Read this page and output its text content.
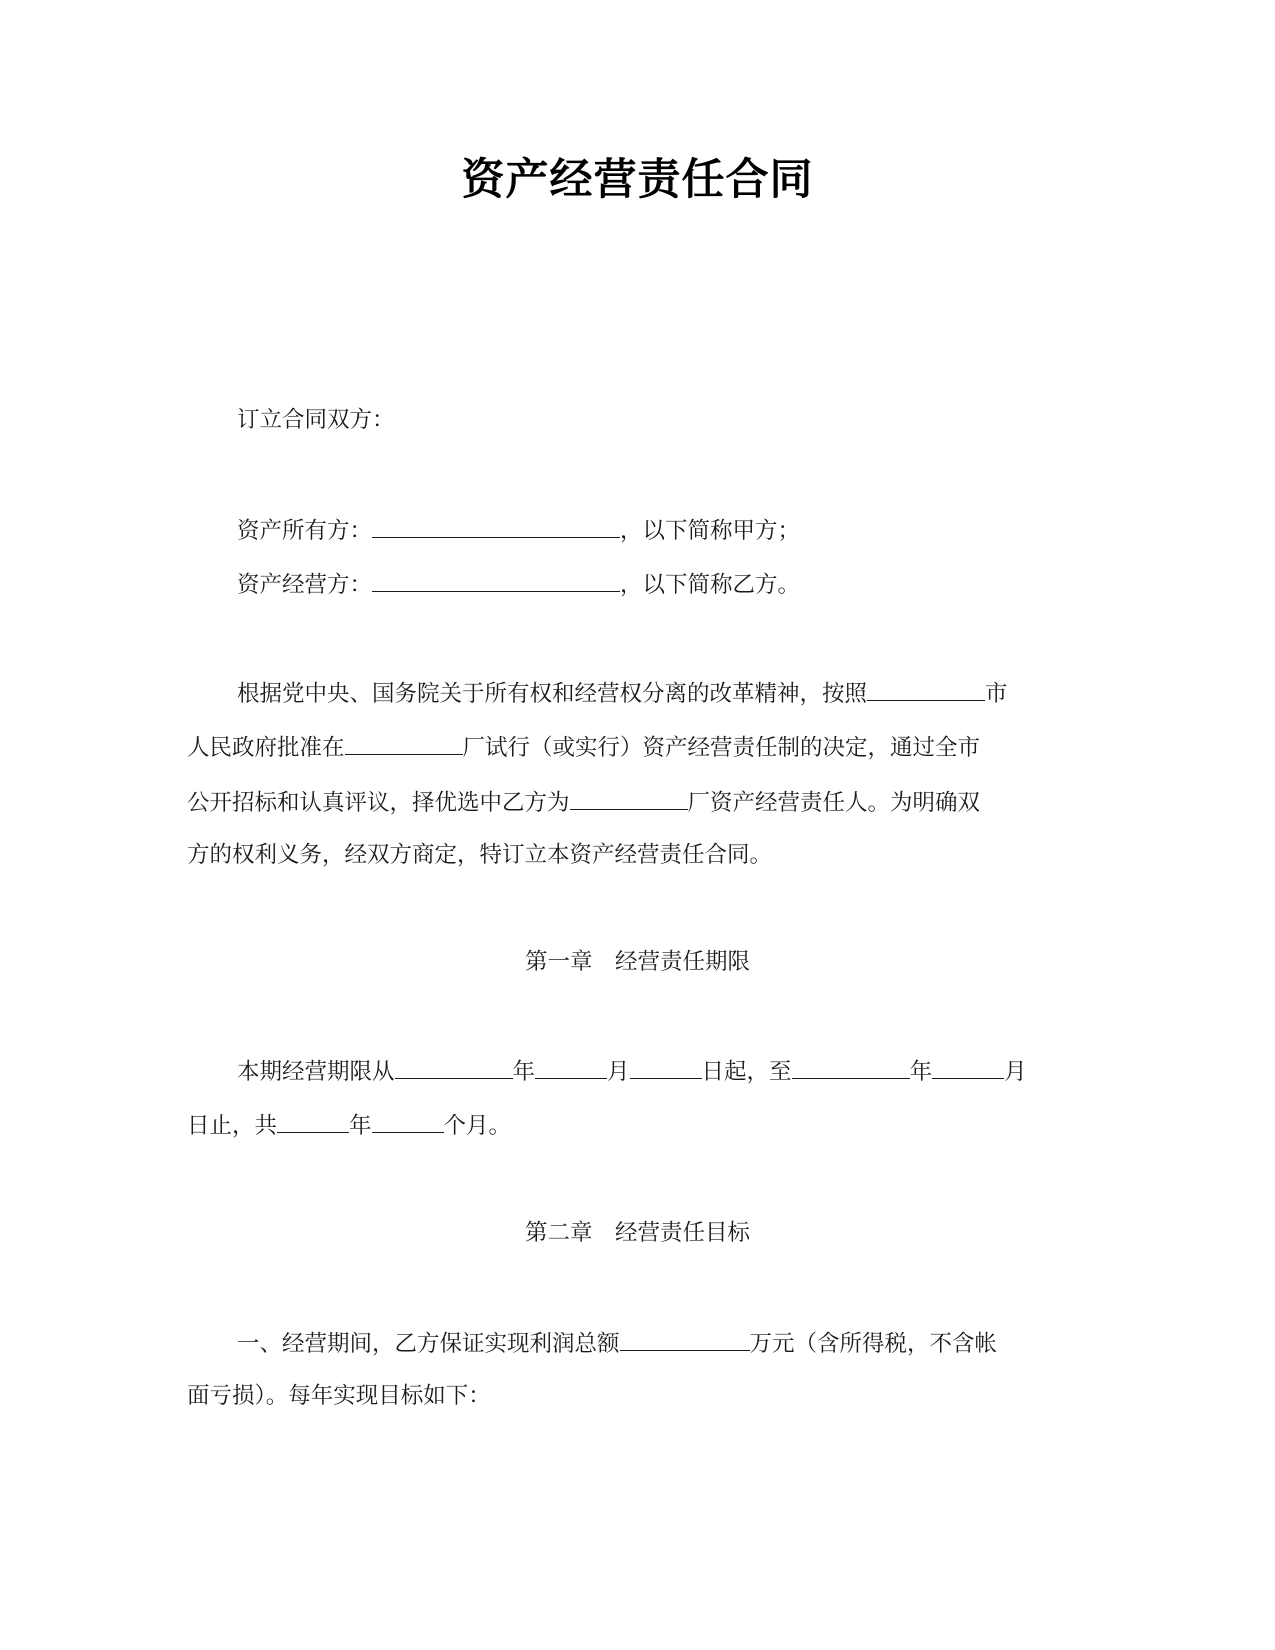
资产经营责任合同
订立合同双方：
资产所有方：	，以下简称甲方；
资产经营方：	，以下简称乙方。
根据党中央、国务院关于所有权和经营权分离的改革精神，按照	市
人民政府批准在	厂试行（或实行）资产经营责任制的决定，通过全市
公开招标和认真评议，择优选中乙方为	厂资产经营责任人。为明确双
方的权利义务，经双方商定，特订立本资产经营责任合同。
第一章　经营责任期限
本期经营期限从	年	月	日起，至	年	月
日止，共	年	个月。
第二章　经营责任目标
一、经营期间，乙方保证实现利润总额	万元（含所得税，不含帐
面亏损）。每年实现目标如下：
